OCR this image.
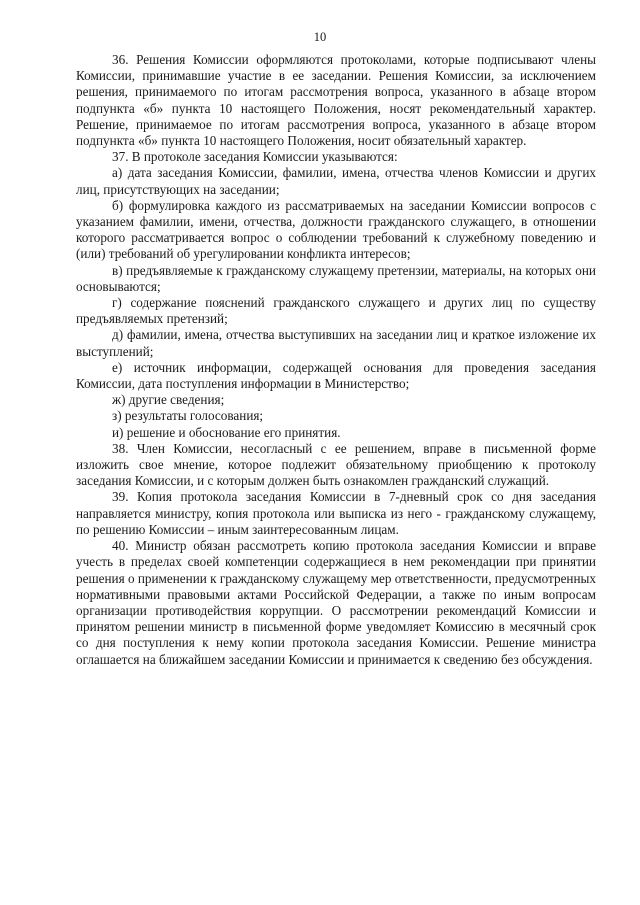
10

36. Решения Комиссии оформляются протоколами, которые подписывают члены Комиссии, принимавшие участие в ее заседании. Решения Комиссии, за исключением решения, принимаемого по итогам рассмотрения вопроса, указанного в абзаце втором подпункта «б» пункта 10 настоящего Положения, носят рекомендательный характер. Решение, принимаемое по итогам рассмотрения вопроса, указанного в абзаце втором подпункта «б» пункта 10 настоящего Положения, носит обязательный характер.

37. В протоколе заседания Комиссии указываются:

а) дата заседания Комиссии, фамилии, имена, отчества членов Комиссии и других лиц, присутствующих на заседании;

б) формулировка каждого из рассматриваемых на заседании Комиссии вопросов с указанием фамилии, имени, отчества, должности гражданского служащего, в отношении которого рассматривается вопрос о соблюдении требований к служебному поведению и (или) требований об урегулировании конфликта интересов;

в) предъявляемые к гражданскому служащему претензии, материалы, на которых они основываются;

г) содержание пояснений гражданского служащего и других лиц по существу предъявляемых претензий;

д) фамилии, имена, отчества выступивших на заседании лиц и краткое изложение их выступлений;

е) источник информации, содержащей основания для проведения заседания Комиссии, дата поступления информации в Министерство;

ж) другие сведения;

з) результаты голосования;

и) решение и обоснование его принятия.

38. Член Комиссии, несогласный с ее решением, вправе в письменной форме изложить свое мнение, которое подлежит обязательному приобщению к протоколу заседания Комиссии, и с которым должен быть ознакомлен гражданский служащий.

39. Копия протокола заседания Комиссии в 7-дневный срок со дня заседания направляется министру, копия протокола или выписка из него - гражданскому служащему, по решению Комиссии – иным заинтересованным лицам.

40. Министр обязан рассмотреть копию протокола заседания Комиссии и вправе учесть в пределах своей компетенции содержащиеся в нем рекомендации при принятии решения о применении к гражданскому служащему мер ответственности, предусмотренных нормативными правовыми актами Российской Федерации, а также по иным вопросам организации противодействия коррупции. О рассмотрении рекомендаций Комиссии и принятом решении министр в письменной форме уведомляет Комиссию в месячный срок со дня поступления к нему копии протокола заседания Комиссии. Решение министра оглашается на ближайшем заседании Комиссии и принимается к сведению без обсуждения.
